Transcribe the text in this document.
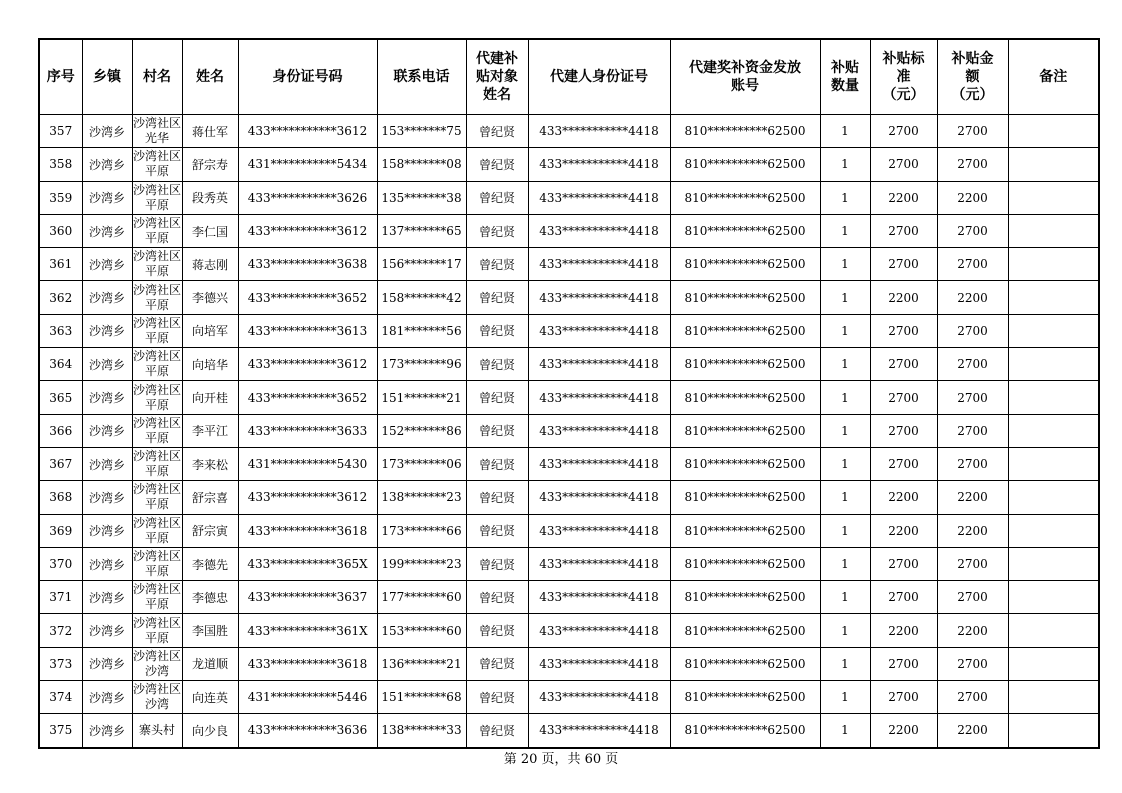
序号	乡镇	村名	姓名	身份证号码	联系电话	代建补贴对象姓名	代建人身份证号	代建奖补资金发放账号	补贴数量	补贴标准（元）	补贴金额（元）	备注
357	沙湾乡	沙湾社区光华	蒋仕军	433***********3612	153*******75	曾纪贤	433***********4418	810**********62500	1	2700	2700	
358	沙湾乡	沙湾社区平原	舒宗寿	431***********5434	158*******08	曾纪贤	433***********4418	810**********62500	1	2700	2700	
359	沙湾乡	沙湾社区平原	段秀英	433***********3626	135*******38	曾纪贤	433***********4418	810**********62500	1	2200	2200	
360	沙湾乡	沙湾社区平原	李仁国	433***********3612	137*******65	曾纪贤	433***********4418	810**********62500	1	2700	2700	
361	沙湾乡	沙湾社区平原	蒋志刚	433***********3638	156*******17	曾纪贤	433***********4418	810**********62500	1	2700	2700	
362	沙湾乡	沙湾社区平原	李德兴	433***********3652	158*******42	曾纪贤	433***********4418	810**********62500	1	2200	2200	
363	沙湾乡	沙湾社区平原	向培军	433***********3613	181*******56	曾纪贤	433***********4418	810**********62500	1	2700	2700	
364	沙湾乡	沙湾社区平原	向培华	433***********3612	173*******96	曾纪贤	433***********4418	810**********62500	1	2700	2700	
365	沙湾乡	沙湾社区平原	向开桂	433***********3652	151*******21	曾纪贤	433***********4418	810**********62500	1	2700	2700	
366	沙湾乡	沙湾社区平原	李平江	433***********3633	152*******86	曾纪贤	433***********4418	810**********62500	1	2700	2700	
367	沙湾乡	沙湾社区平原	李来松	431***********5430	173*******06	曾纪贤	433***********4418	810**********62500	1	2700	2700	
368	沙湾乡	沙湾社区平原	舒宗喜	433***********3612	138*******23	曾纪贤	433***********4418	810**********62500	1	2200	2200	
369	沙湾乡	沙湾社区平原	舒宗寅	433***********3618	173*******66	曾纪贤	433***********4418	810**********62500	1	2200	2200	
370	沙湾乡	沙湾社区平原	李德先	433***********365X	199*******23	曾纪贤	433***********4418	810**********62500	1	2700	2700	
371	沙湾乡	沙湾社区平原	李德忠	433***********3637	177*******60	曾纪贤	433***********4418	810**********62500	1	2700	2700	
372	沙湾乡	沙湾社区平原	李国胜	433***********361X	153*******60	曾纪贤	433***********4418	810**********62500	1	2200	2200	
373	沙湾乡	沙湾社区沙湾	龙道顺	433***********3618	136*******21	曾纪贤	433***********4418	810**********62500	1	2700	2700	
374	沙湾乡	沙湾社区沙湾	向连英	431***********5446	151*******68	曾纪贤	433***********4418	810**********62500	1	2700	2700	
375	沙湾乡	寨头村	向少良	433***********3636	138*******33	曾纪贤	433***********4418	810**********62500	1	2200	2200	
第 20 页，共 60 页
